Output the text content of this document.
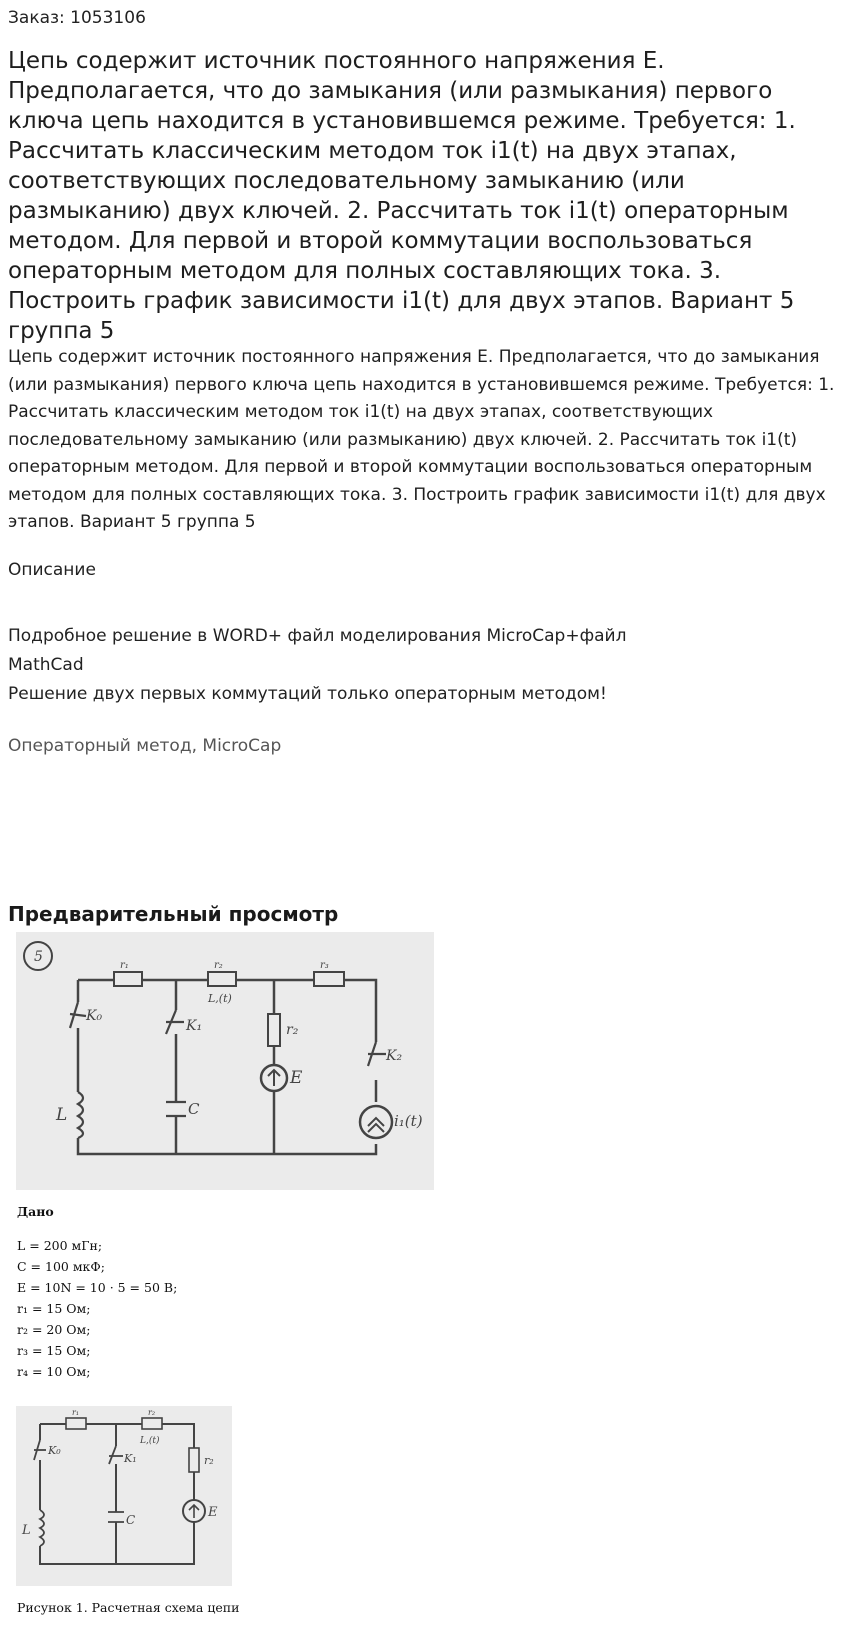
Заказ: 1053106
Цепь содержит источник постоянного напряжения E. Предполагается, что до замыкания (или размыкания) первого ключа цепь находится в установившемся режиме. Требуется: 1. Рассчитать классическим методом ток i1(t) на двух этапах, соответствующих последовательному замыканию (или размыканию) двух ключей. 2. Рассчитать ток i1(t) операторным методом. Для первой и второй коммутации воспользоваться операторным методом для полных составляющих тока. 3. Построить график зависимости i1(t) для двух этапов. Вариант 5 группа 5
Цепь содержит источник постоянного напряжения E. Предполагается, что до замыкания (или размыкания) первого ключа цепь находится в установившемся режиме. Требуется: 1. Рассчитать классическим методом ток i1(t) на двух этапах, соответствующих последовательному замыканию (или размыканию) двух ключей. 2. Рассчитать ток i1(t) операторным методом. Для первой и второй коммутации воспользоваться операторным методом для полных составляющих тока. 3. Построить график зависимости i1(t) для двух этапов. Вариант 5 группа 5
Описание
Подробное решение в WORD+ файл моделирования MicroCap+файл
MathCad
Решение двух первых коммутаций только операторным методом!
Операторный метод, MicroCap
Предварительный просмотр
5
r₁	r₂	r₃
L,(t)
K₀
K₁
K₂
r₂
E
L	C
i₁(t)
Дано
L = 200 мГн;
C = 100 мкФ;
E = 10N = 10 · 5 = 50 В;
r₁ = 15 Ом;
r₂ = 20 Ом;
r₃ = 15 Ом;
r₄ = 10 Ом;
r₁	r₂
L,(t)
K₀
K₁	r₂
E
L
C
Рисунок 1. Расчетная схема цепи
